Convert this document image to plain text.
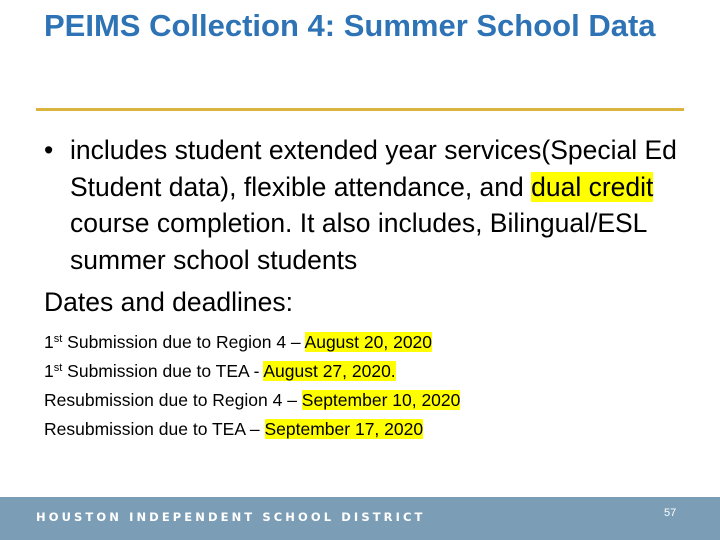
PEIMS Collection 4: Summer School Data
• includes student extended year services(Special Ed Student data), flexible attendance, and dual credit course completion. It also includes, Bilingual/ESL summer school students
Dates and deadlines:
1st Submission due to Region 4 – August 20, 2020
1st Submission due to TEA - August 27, 2020.
Resubmission due to Region 4 – September 10, 2020
Resubmission due to TEA – September 17, 2020
HOUSTON INDEPENDENT SCHOOL DISTRICT	57
